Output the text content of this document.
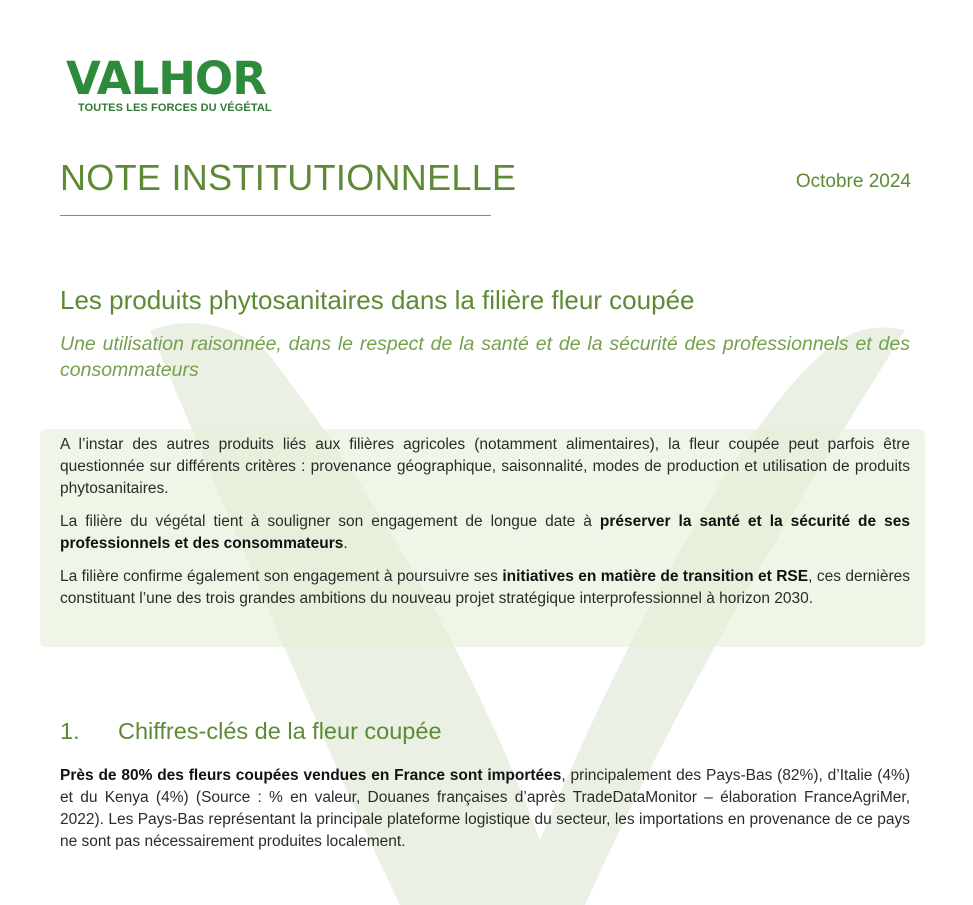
VALHOR
TOUTES LES FORCES DU VÉGÉTAL
NOTE INSTITUTIONNELLE	Octobre 2024
Les produits phytosanitaires dans la filière fleur coupée
Une utilisation raisonnée, dans le respect de la santé et de la sécurité des professionnels et des consommateurs

A l’instar des autres produits liés aux filières agricoles (notamment alimentaires), la fleur coupée peut parfois être questionnée sur différents critères : provenance géographique, saisonnalité, modes de production et utilisation de produits phytosanitaires.

La filière du végétal tient à souligner son engagement de longue date à préserver la santé et la sécurité de ses professionnels et des consommateurs.

La filière confirme également son engagement à poursuivre ses initiatives en matière de transition et RSE, ces dernières constituant l’une des trois grandes ambitions du nouveau projet stratégique interprofessionnel à horizon 2030.

1. Chiffres-clés de la fleur coupée

Près de 80% des fleurs coupées vendues en France sont importées, principalement des Pays-Bas (82%), d’Italie (4%) et du Kenya (4%) (Source : % en valeur, Douanes françaises d’après TradeDataMonitor – élaboration FranceAgriMer, 2022). Les Pays-Bas représentant la principale plateforme logistique du secteur, les importations en provenance de ce pays ne sont pas nécessairement produites localement.
